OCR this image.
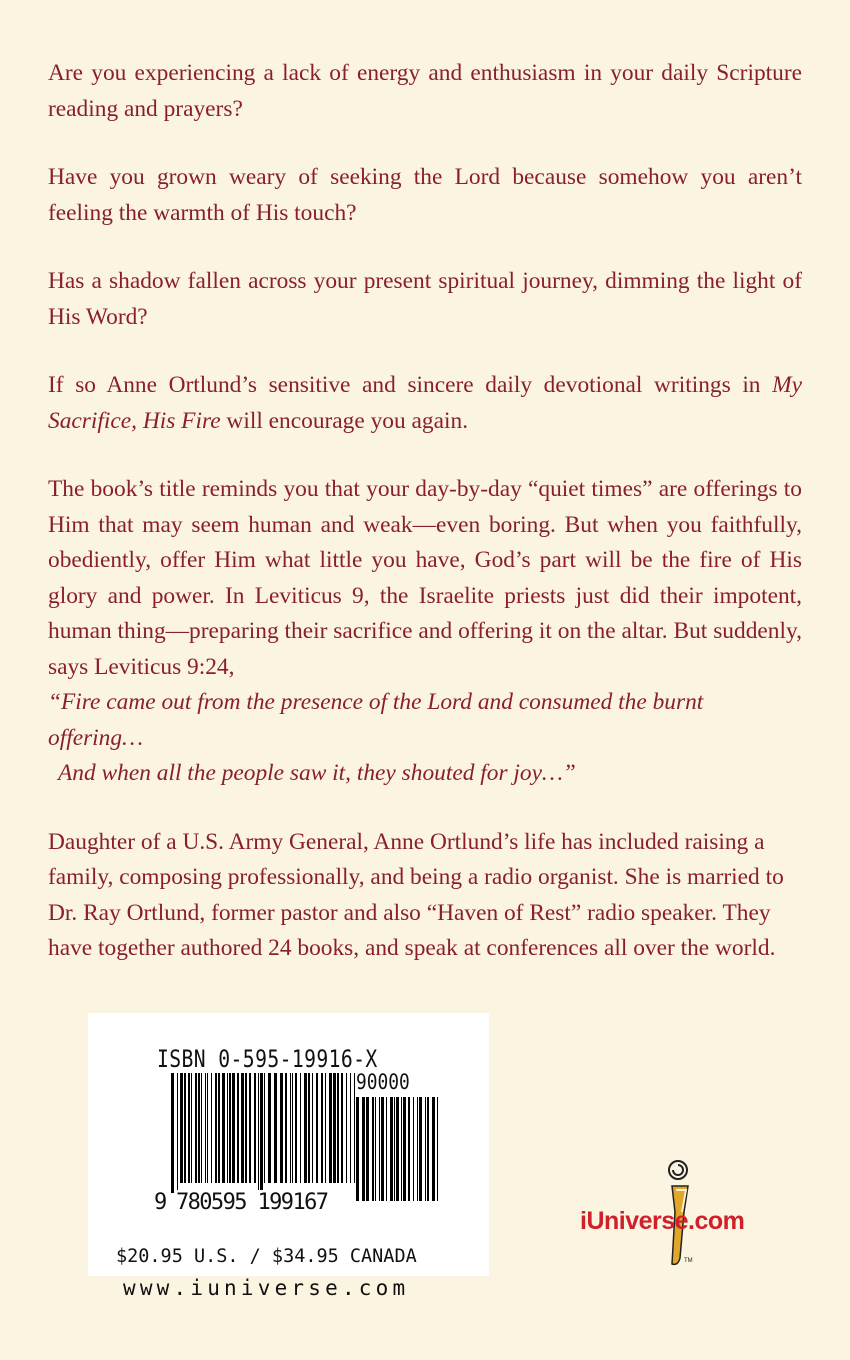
Are you experiencing a lack of energy and enthusiasm in your daily Scripture reading and prayers?

Have you grown weary of seeking the Lord because somehow you aren’t feeling the warmth of His touch?

Has a shadow fallen across your present spiritual journey, dimming the light of His Word?

If so Anne Ortlund’s sensitive and sincere daily devotional writings in My Sacrifice, His Fire will encourage you again.

The book’s title reminds you that your day-by-day “quiet times” are offerings to Him that may seem human and weak—even boring. But when you faithfully, obediently, offer Him what little you have, God’s part will be the fire of His glory and power. In Leviticus 9, the Israelite priests just did their impotent, human thing—preparing their sacrifice and offering it on the altar. But suddenly, says Leviticus 9:24,

“Fire came out from the presence of the Lord and consumed the burnt offering…
And when all the people saw it, they shouted for joy…”

Daughter of a U.S. Army General, Anne Ortlund’s life has included raising a family, composing professionally, and being a radio organist. She is married to Dr. Ray Ortlund, former pastor and also “Haven of Rest” radio speaker. They have together authored 24 books, and speak at conferences all over the world.

ISBN 0-595-19916-X
90000
9 780595 199167
$20.95 U.S. / $34.95 CANADA
www.iuniverse.com
TM
iUniverse.com
